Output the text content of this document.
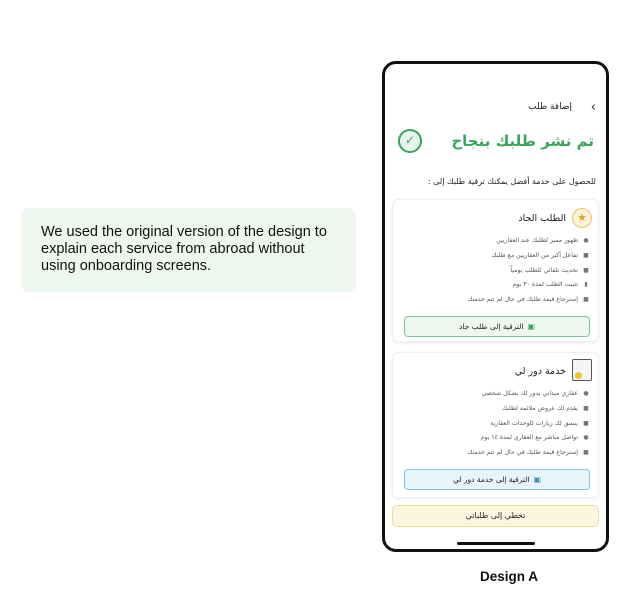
We used the original version of the design to explain each service from abroad without using onboarding screens.

›
إضافة طلب
تم نشر طلبك بنجاح
✓
للحصول على خدمة أفضل يمكنك ترقية طلبك إلى :
★
الطلب الجاد
●ظهور مميز لطلبك عند العقاريين
■تفاعل أكبر من العقاريين مع طلبك
■تحديث تلقائي للطلب يومياً
▮تثبيت الطلب لمدة ٣٠ يوم
■إسترجاع قيمة طلبك في حال لم تتم خدمتك
▣الترقية إلى طلب جاد
خدمة دور لي
●عقاري ميداني يدور لك بشكل شخصي
■يقدم لك عروض ملائمة لطلبك
■ينسق لك زيارات للوحدات العقارية
●تواصل مباشر مع العقاري لمدة ١٤ يوم
■إسترجاع قيمة طلبك في حال لم تتم خدمتك
▣الترقية إلى خدمة دور لي
تخطي إلى طلباتي
Design A
